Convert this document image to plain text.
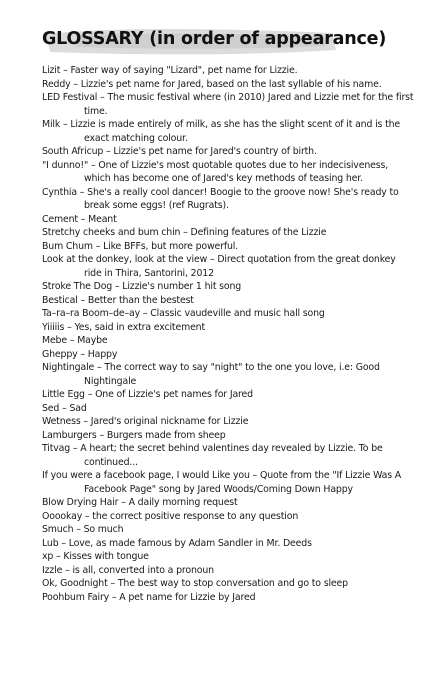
GLOSSARY (in order of appearance)
Lizit – Faster way of saying "Lizard", pet name for Lizzie.
Reddy – Lizzie's pet name for Jared, based on the last syllable of his name.
LED Festival – The music festival where (in 2010) Jared and Lizzie met for the first time.
Milk – Lizzie is made entirely of milk, as she has the slight scent of it and is the exact matching colour.
South Africup – Lizzie's pet name for Jared's country of birth.
"I dunno!" – One of Lizzie's most quotable quotes due to her indecisiveness, which has become one of Jared's key methods of teasing her.
Cynthia – She's a really cool dancer! Boogie to the groove now! She's ready to break some eggs! (ref Rugrats).
Cement – Meant
Stretchy cheeks and bum chin – Defining features of the Lizzie
Bum Chum – Like BFFs, but more powerful.
Look at the donkey, look at the view – Direct quotation from the great donkey ride in Thira, Santorini, 2012
Stroke The Dog – Lizzie's number 1 hit song
Bestical – Better than the bestest
Ta–ra–ra Boom–de–ay – Classic vaudeville and music hall song
Yiiiiis – Yes, said in extra excitement
Mebe – Maybe
Gheppy – Happy
Nightingale – The correct way to say "night" to the one you love, i.e: Good Nightingale
Little Egg – One of Lizzie's pet names for Jared
Sed – Sad
Wetness – Jared's original nickname for Lizzie
Lamburgers – Burgers made from sheep
Titvag – A heart; the secret behind valentines day revealed by Lizzie. To be continued...
If you were a facebook page, I would Like you – Quote from the "If Lizzie Was A Facebook Page" song by Jared Woods/Coming Down Happy
Blow Drying Hair – A daily morning request
Ooookay – the correct positive response to any question
Smuch – So much
Lub – Love, as made famous by Adam Sandler in Mr. Deeds
xp – Kisses with tongue
Izzle – is all, converted into a pronoun
Ok, Goodnight – The best way to stop conversation and go to sleep
Poohbum Fairy – A pet name for Lizzie by Jared
